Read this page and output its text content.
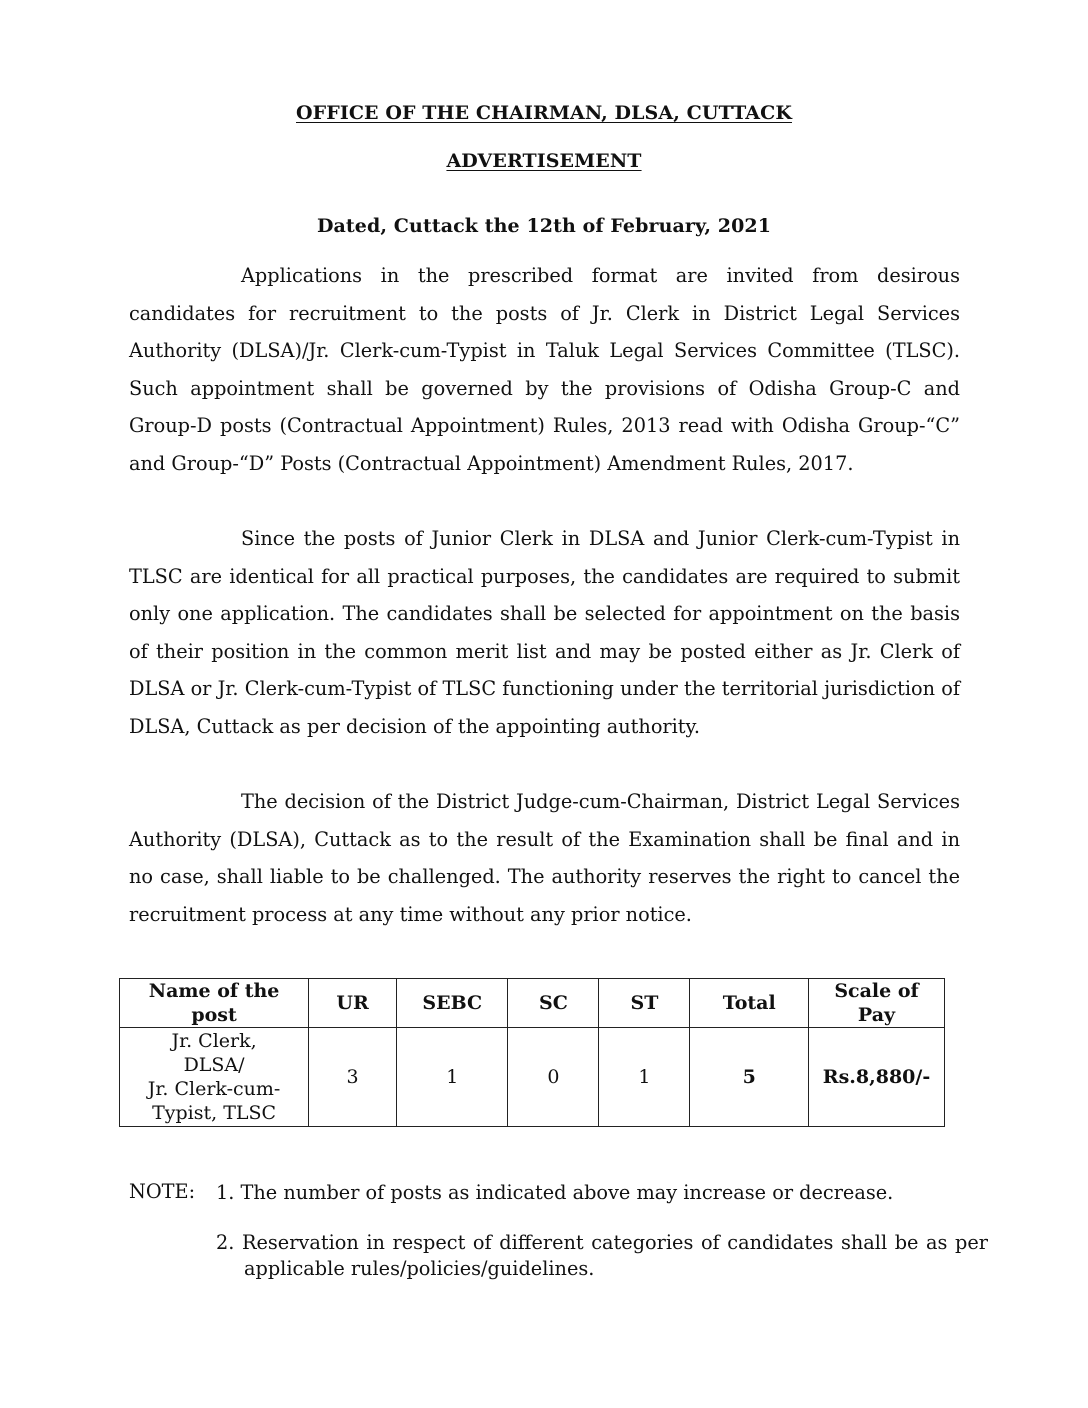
OFFICE OF THE CHAIRMAN, DLSA, CUTTACK
ADVERTISEMENT
Dated, Cuttack the 12th of February, 2021

Applications in the prescribed format are invited from desirous candidates for recruitment to the posts of Jr. Clerk in District Legal Services Authority (DLSA)/Jr. Clerk-cum-Typist in Taluk Legal Services Committee (TLSC). Such appointment shall be governed by the provisions of Odisha Group-C and Group-D posts (Contractual Appointment) Rules, 2013 read with Odisha Group-“C” and Group-“D” Posts (Contractual Appointment) Amendment Rules, 2017.

Since the posts of Junior Clerk in DLSA and Junior Clerk-cum-Typist in TLSC are identical for all practical purposes, the candidates are required to submit only one application. The candidates shall be selected for appointment on the basis of their position in the common merit list and may be posted either as Jr. Clerk of DLSA or Jr. Clerk-cum-Typist of TLSC functioning under the territorial jurisdiction of DLSA, Cuttack as per decision of the appointing authority.

The decision of the District Judge-cum-Chairman, District Legal Services Authority (DLSA), Cuttack as to the result of the Examination shall be final and in no case, shall liable to be challenged. The authority reserves the right to cancel the recruitment process at any time without any prior notice.

Name of the post	UR	SEBC	SC	ST	Total	Scale of Pay

Jr. Clerk,
DLSA/
Jr. Clerk-cum-
Typist, TLSC	3	1	0	1	5	Rs.8,880/-
NOTE: 1. The number of posts as indicated above may increase or decrease.

2. Reservation in respect of different categories of candidates shall be as per applicable rules/policies/guidelines.
